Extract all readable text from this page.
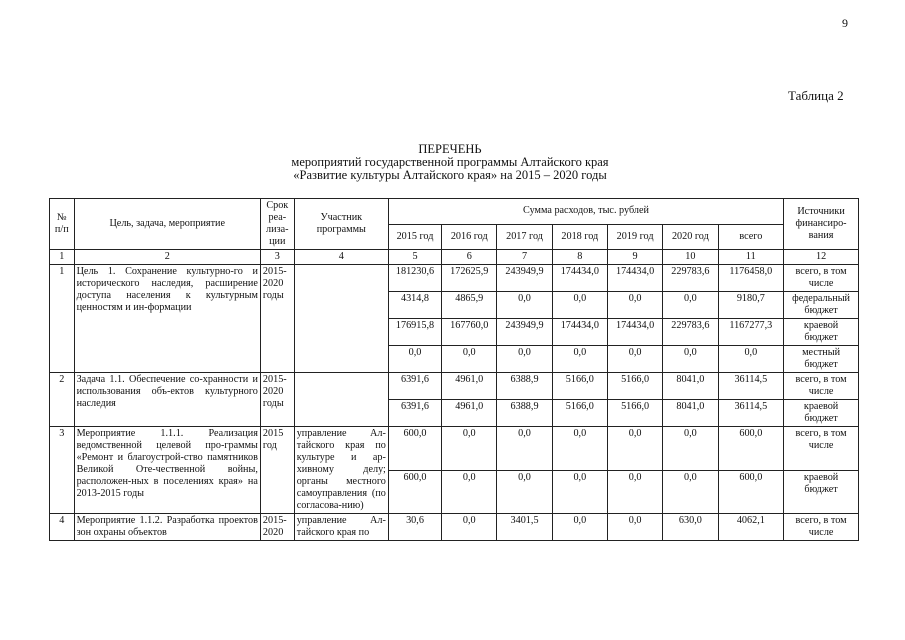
9
Таблица 2
ПЕРЕЧЕНЬ
мероприятий государственной программы Алтайского края
«Развитие культуры Алтайского края» на 2015 – 2020 годы
№ п/п	Цель, задача, мероприятие	Срок реа-лиза-ции	Участник программы	Сумма расходов, тыс. рублей							Источники финансиро-вания
				2015 год	2016 год	2017 год	2018 год	2019 год	2020 год	всего	
1	2	3	4	5	6	7	8	9	10	11	12
1	Цель 1. Сохранение культурно-го и исторического наследия, расширение доступа населения к культурным ценностям и ин-формации	2015-2020 годы		181230,6	172625,9	243949,9	174434,0	174434,0	229783,6	1176458,0	всего, в том числе
				4314,8	4865,9	0,0	0,0	0,0	0,0	9180,7	федеральный бюджет
				176915,8	167760,0	243949,9	174434,0	174434,0	229783,6	1167277,3	краевой бюджет
				0,0	0,0	0,0	0,0	0,0	0,0	0,0	местный бюджет
2	Задача 1.1. Обеспечение со-хранности и использования объ-ектов культурного наследия	2015-2020 годы		6391,6	4961,0	6388,9	5166,0	5166,0	8041,0	36114,5	всего, в том числе
				6391,6	4961,0	6388,9	5166,0	5166,0	8041,0	36114,5	краевой бюджет
3	Мероприятие 1.1.1. Реализация ведомственной целевой про-граммы «Ремонт и благоустрой-ство памятников Великой Оте-чественной войны, расположен-ных в поселениях края» на 2013-2015 годы	2015 год	управление Ал-тайского края по культуре и ар-хивному делу; органы местного самоуправления (по согласова-нию)	600,0	0,0	0,0	0,0	0,0	0,0	600,0	всего, в том числе
				600,0	0,0	0,0	0,0	0,0	0,0	600,0	краевой бюджет
4	Мероприятие 1.1.2. Разработка проектов зон охраны объектов	2015-2020	управление Ал-тайского края по	30,6	0,0	3401,5	0,0	0,0	630,0	4062,1	всего, в том числе
